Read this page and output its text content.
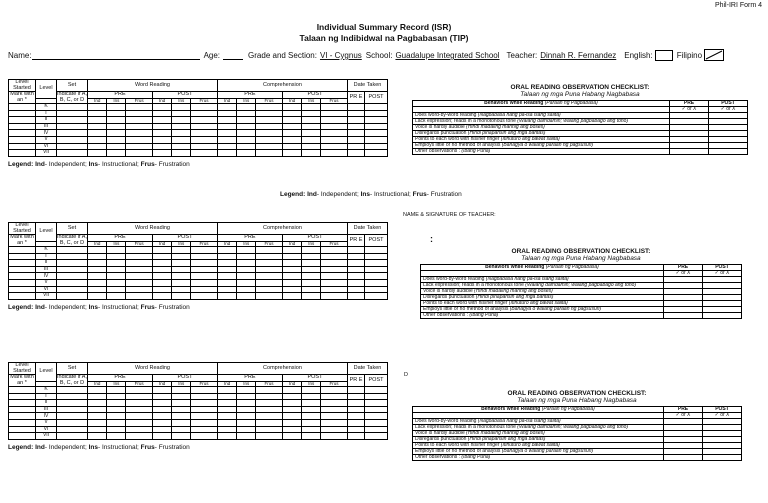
Phil-IRI Form 4
Individual Summary Record (ISR)
Talaan ng Indibidwal na Pagbabasan (TIP)
Name:	Age:	Grade and Section: VI - Cygnus School: Guadalupe Integrated School Teacher: Dinnah R. Fernandez English:	Filipino
Level Started	Level	Set	Word Reading						Comprehension						Date Taken	
Mark with an *		Indicate if A, B, C, or D	PRE			POST			PRE			POST			PR E	POST
			Ind	Ins	Frus	Ind	Ins	Frus	Ind	Ins	Frus	Ind	Ins	Frus		
	K															
	I															
	II															
	III															
	IV															
	V															
	VI															
	VII															
Legend: Ind- Independent; Ins- Instructional; Frus- Frustration
Level Started	Level	Set	Word Reading						Comprehension						Date Taken	
Mark with an *		Indicate if A, B, C, or D	PRE			POST			PRE			POST			PR E	POST
			Ind	Ins	Frus	Ind	Ins	Frus	Ind	Ins	Frus	Ind	Ins	Frus		
	K															
	I															
	II															
	III															
	IV															
	V															
	VI															
	VII															
Legend: Ind- Independent; Ins- Instructional; Frus- Frustration
Level Started	Level	Set	Word Reading						Comprehension						Date Taken	
Mark with an *		Indicate if A, B, C, or D	PRE			POST			PRE			POST			PR E	POST
			Ind	Ins	Frus	Ind	Ins	Frus	Ind	Ins	Frus	Ind	Ins	Frus		
	K															
	I															
	II															
	III															
	IV															
	V															
	VI															
	VII															
Legend: Ind- Independent; Ins- Instructional; Frus- Frustration
NAME & SIGNATURE OF TEACHER:
:
D
Legend: Ind- Independent; Ins- Instructional; Frus- Frustration
ORAL READING OBSERVATION CHECKLIST:
Talaan ng mga Puna Habang Nagbabasa
Behaviors while Reading (Paraan ng Pagbabasa)	PRE	POST
	✓ or X	✓ or X
Does word-by-word reading (Nagbabasa nang pa-isa isang salita)		
Lack expression; reads in a monotonous tone (Walang damdamin; walang pagbabago ang tono)		
Voice is hardly audible (Hindi madaling marinig ang boses)		
Disregards punctuation (Hindi pinapansin ang mga bantas)		
Points to each word with his/her finger (Itinuturo ang bawat salita)		
Employs little or no method of analysis (Bahagya o walang paraan ng pagsusuri)		
Other observations : (Ibang Puna)		
ORAL READING OBSERVATION CHECKLIST:
Talaan ng mga Puna Habang Nagbabasa
Behaviors while Reading (Paraan ng Pagbabasa)	PRE	POST
	✓ or X	✓ or X
Does word-by-word reading (Nagbabasa nang pa-isa isang salita)		
Lack expression; reads in a monotonous tone (Walang damdamin; walang pagbabago ang tono)		
Voice is hardly audible (Hindi madaling marinig ang boses)		
Disregards punctuation (Hindi pinapansin ang mga bantas)		
Points to each word with his/her finger (Itinuturo ang bawat salita)		
Employs little or no method of analysis (Bahagya o walang paraan ng pagsusuri)		
Other observations : (Ibang Puna)		
ORAL READING OBSERVATION CHECKLIST:
Talaan ng mga Puna Habang Nagbabasa
Behaviors while Reading (Paraan ng Pagbabasa)	PRE	POST
	✓ or X	✓ or X
Does word-by-word reading (Nagbabasa nang pa-isa isang salita)		
Lack expression; reads in a monotonous tone (Walang damdamin; walang pagbabago ang tono)		
Voice is hardly audible (Hindi madaling marinig ang boses)		
Disregards punctuation (Hindi pinapansin ang mga bantas)		
Points to each word with his/her finger (Itinuturo ang bawat salita)		
Employs little or no method of analysis (Bahagya o walang paraan ng pagsusuri)		
Other observations : (Ibang Puna)		
